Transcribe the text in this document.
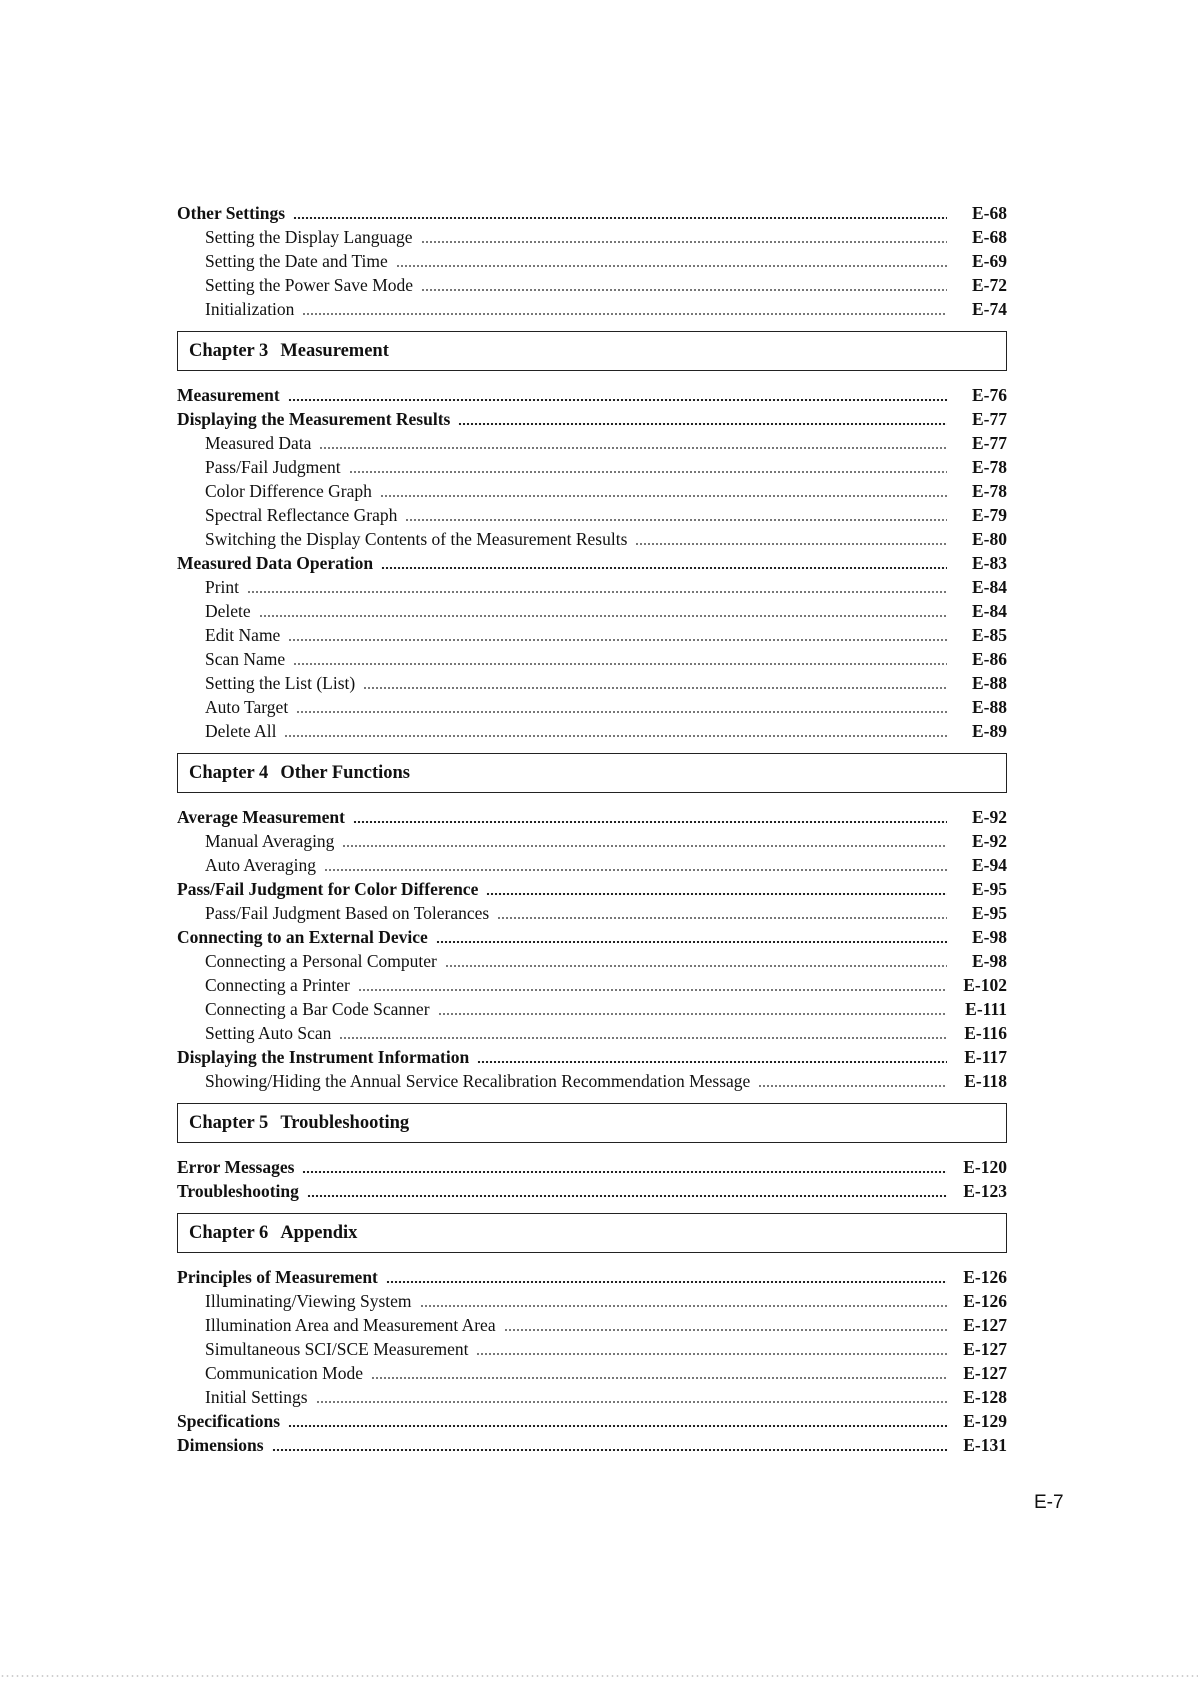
Other Settings	E-68
Setting the Display Language	E-68
Setting the Date and Time	E-69
Setting the Power Save Mode	E-72
Initialization	E-74
Chapter 3 Measurement
Measurement	E-76
Displaying the Measurement Results	E-77
Measured Data	E-77
Pass/Fail Judgment	E-78
Color Difference Graph	E-78
Spectral Reflectance Graph	E-79
Switching the Display Contents of the Measurement Results	E-80
Measured Data Operation	E-83
Print	E-84
Delete	E-84
Edit Name	E-85
Scan Name	E-86
Setting the List (List)	E-88
Auto Target	E-88
Delete All	E-89
Chapter 4 Other Functions
Average Measurement	E-92
Manual Averaging	E-92
Auto Averaging	E-94
Pass/Fail Judgment for Color Difference	E-95
Pass/Fail Judgment Based on Tolerances	E-95
Connecting to an External Device	E-98
Connecting a Personal Computer	E-98
Connecting a Printer	E-102
Connecting a Bar Code Scanner	E-111
Setting Auto Scan	E-116
Displaying the Instrument Information	E-117
Showing/Hiding the Annual Service Recalibration Recommendation Message	E-118
Chapter 5 Troubleshooting
Error Messages	E-120
Troubleshooting	E-123
Chapter 6 Appendix
Principles of Measurement	E-126
Illuminating/Viewing System	E-126
Illumination Area and Measurement Area	E-127
Simultaneous SCI/SCE Measurement	E-127
Communication Mode	E-127
Initial Settings	E-128
Specifications	E-129
Dimensions	E-131
E-7
